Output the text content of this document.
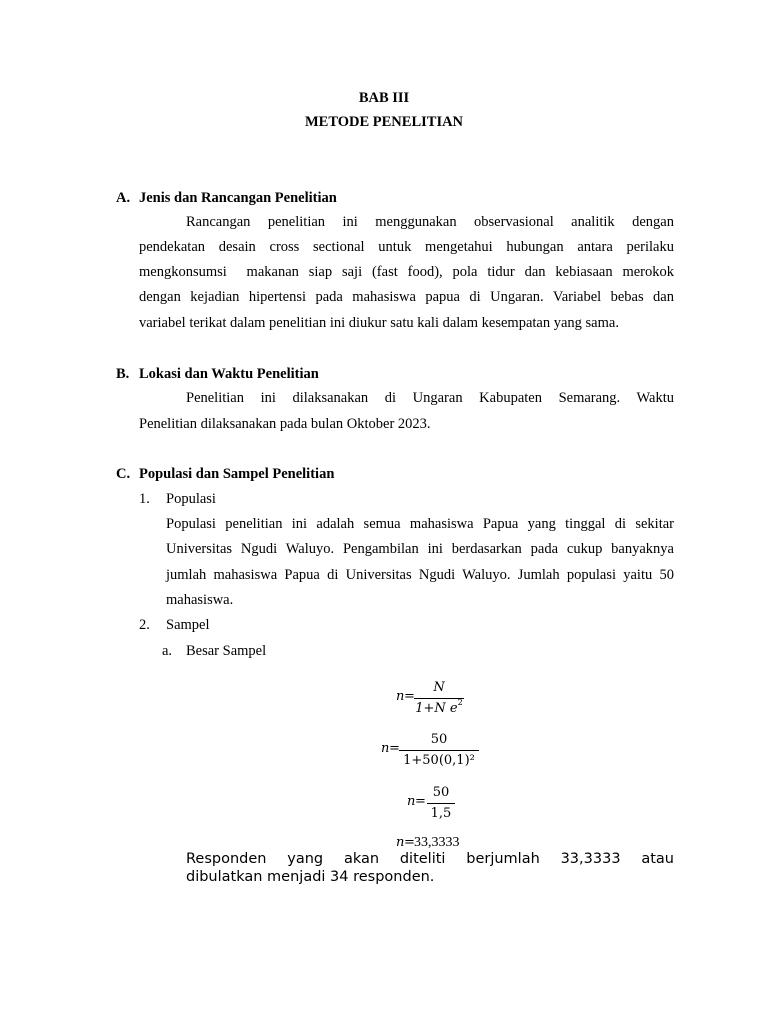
BAB III
METODE PENELITIAN
A. Jenis dan Rancangan Penelitian
Rancangan penelitian ini menggunakan observasional analitik dengan
pendekatan desain cross sectional untuk mengetahui hubungan antara perilaku
mengkonsumsi  makanan siap saji (fast food), pola tidur dan kebiasaan merokok
dengan kejadian hipertensi pada mahasiswa papua di Ungaran. Variabel bebas dan
variabel terikat dalam penelitian ini diukur satu kali dalam kesempatan yang sama.
B. Lokasi dan Waktu Penelitian
Penelitian ini dilaksanakan di Ungaran Kabupaten Semarang. Waktu
Penelitian dilaksanakan pada bulan Oktober 2023.
C. Populasi dan Sampel Penelitian
1. Populasi
Populasi penelitian ini adalah semua mahasiswa Papua yang tinggal di sekitar
Universitas Ngudi Waluyo. Pengambilan ini berdasarkan pada cukup banyaknya
jumlah mahasiswa Papua di Universitas Ngudi Waluyo. Jumlah populasi yaitu 50
mahasiswa.
2. Sampel
a. Besar Sampel
n =
N
1+N $e^2$
n =
50
1+50(0,1)²
n =
50
1,5
n = 33,3333
Responden yang akan diteliti berjumlah 33,3333 atau
dibulatkan menjadi 34 responden.
